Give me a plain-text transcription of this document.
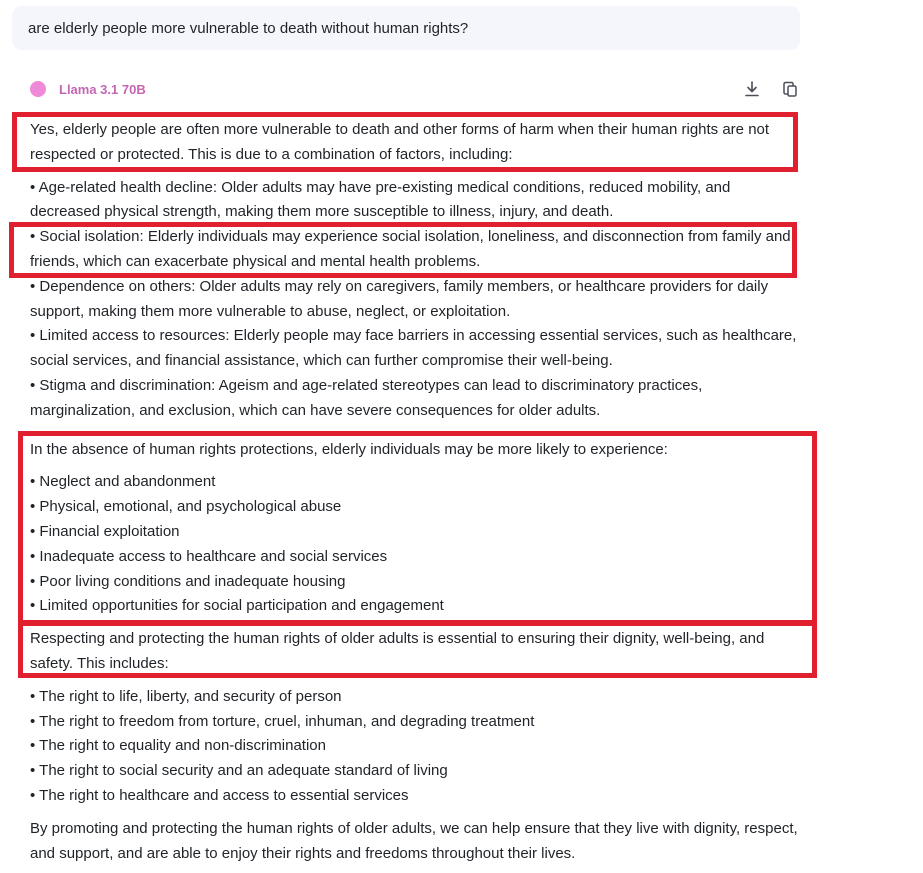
are elderly people more vulnerable to death without human rights?
Llama 3.1 70B

Yes, elderly people are often more vulnerable to death and other forms of harm when their human rights are not respected or protected. This is due to a combination of factors, including:

• Age-related health decline: Older adults may have pre-existing medical conditions, reduced mobility, and decreased physical strength, making them more susceptible to illness, injury, and death.
• Social isolation: Elderly individuals may experience social isolation, loneliness, and disconnection from family and friends, which can exacerbate physical and mental health problems.
• Dependence on others: Older adults may rely on caregivers, family members, or healthcare providers for daily support, making them more vulnerable to abuse, neglect, or exploitation.
• Limited access to resources: Elderly people may face barriers in accessing essential services, such as healthcare, social services, and financial assistance, which can further compromise their well-being.
• Stigma and discrimination: Ageism and age-related stereotypes can lead to discriminatory practices, marginalization, and exclusion, which can have severe consequences for older adults.

In the absence of human rights protections, elderly individuals may be more likely to experience:

• Neglect and abandonment
• Physical, emotional, and psychological abuse
• Financial exploitation
• Inadequate access to healthcare and social services
• Poor living conditions and inadequate housing
• Limited opportunities for social participation and engagement

Respecting and protecting the human rights of older adults is essential to ensuring their dignity, well-being, and safety. This includes:

• The right to life, liberty, and security of person
• The right to freedom from torture, cruel, inhuman, and degrading treatment
• The right to equality and non-discrimination
• The right to social security and an adequate standard of living
• The right to healthcare and access to essential services

By promoting and protecting the human rights of older adults, we can help ensure that they live with dignity, respect, and support, and are able to enjoy their rights and freedoms throughout their lives.
